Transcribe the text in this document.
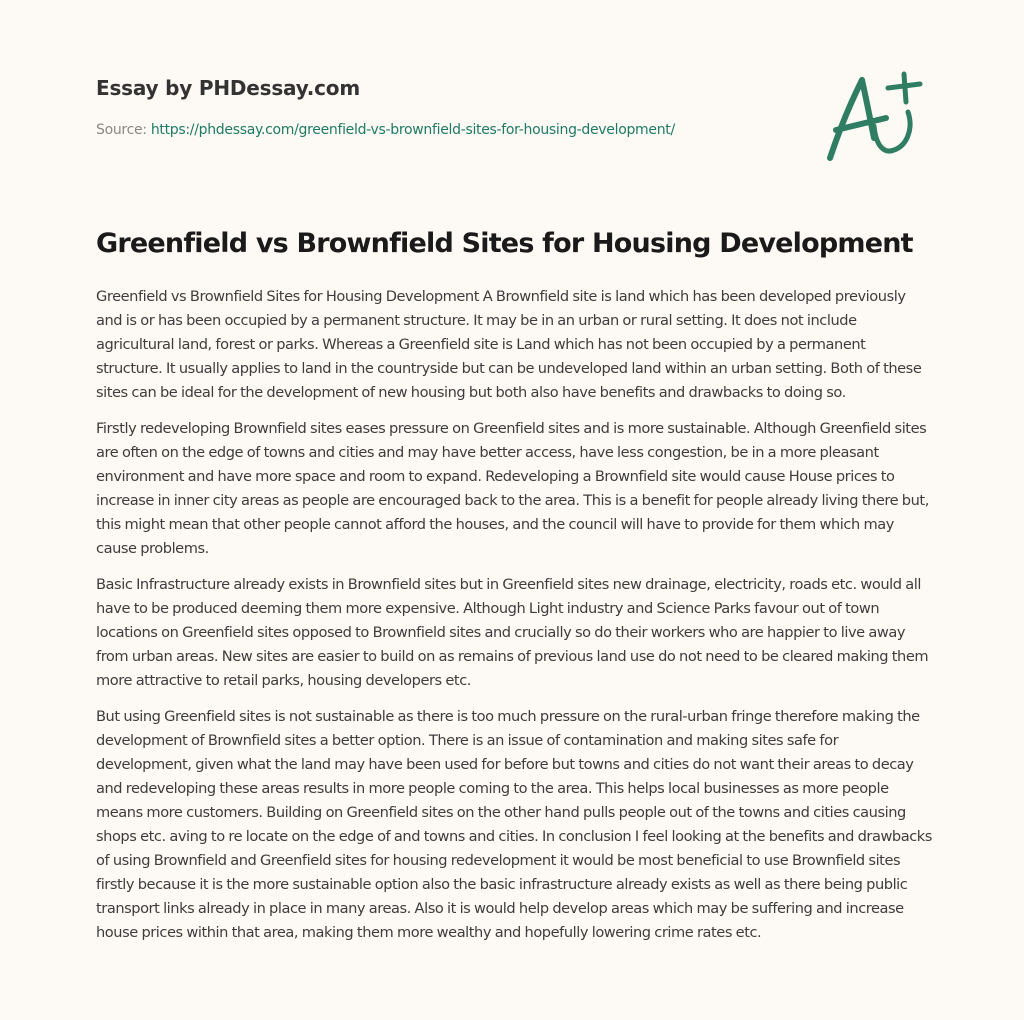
Essay by PHDessay.com
Source: https://phdessay.com/greenfield-vs-brownfield-sites-for-housing-development/
Greenfield vs Brownfield Sites for Housing Development

Greenfield vs Brownfield Sites for Housing Development A Brownfield site is land which has been developed previously and is or has been occupied by a permanent structure. It may be in an urban or rural setting. It does not include agricultural land, forest or parks. Whereas a Greenfield site is Land which has not been occupied by a permanent structure. It usually applies to land in the countryside but can be undeveloped land within an urban setting. Both of these sites can be ideal for the development of new housing but both also have benefits and drawbacks to doing so.

Firstly redeveloping Brownfield sites eases pressure on Greenfield sites and is more sustainable. Although Greenfield sites are often on the edge of towns and cities and may have better access, have less congestion, be in a more pleasant environment and have more space and room to expand. Redeveloping a Brownfield site would cause House prices to increase in inner city areas as people are encouraged back to the area. This is a benefit for people already living there but, this might mean that other people cannot afford the houses, and the council will have to provide for them which may cause problems.

Basic Infrastructure already exists in Brownfield sites but in Greenfield sites new drainage, electricity, roads etc. would all have to be produced deeming them more expensive. Although Light industry and Science Parks favour out of town locations on Greenfield sites opposed to Brownfield sites and crucially so do their workers who are happier to live away from urban areas. New sites are easier to build on as remains of previous land use do not need to be cleared making them more attractive to retail parks, housing developers etc.

But using Greenfield sites is not sustainable as there is too much pressure on the rural-urban fringe therefore making the development of Brownfield sites a better option. There is an issue of contamination and making sites safe for development, given what the land may have been used for before but towns and cities do not want their areas to decay and redeveloping these areas results in more people coming to the area. This helps local businesses as more people means more customers. Building on Greenfield sites on the other hand pulls people out of the towns and cities causing shops etc. aving to re locate on the edge of and towns and cities. In conclusion I feel looking at the benefits and drawbacks of using Brownfield and Greenfield sites for housing redevelopment it would be most beneficial to use Brownfield sites firstly because it is the more sustainable option also the basic infrastructure already exists as well as there being public transport links already in place in many areas. Also it is would help develop areas which may be suffering and increase house prices within that area, making them more wealthy and hopefully lowering crime rates etc.
